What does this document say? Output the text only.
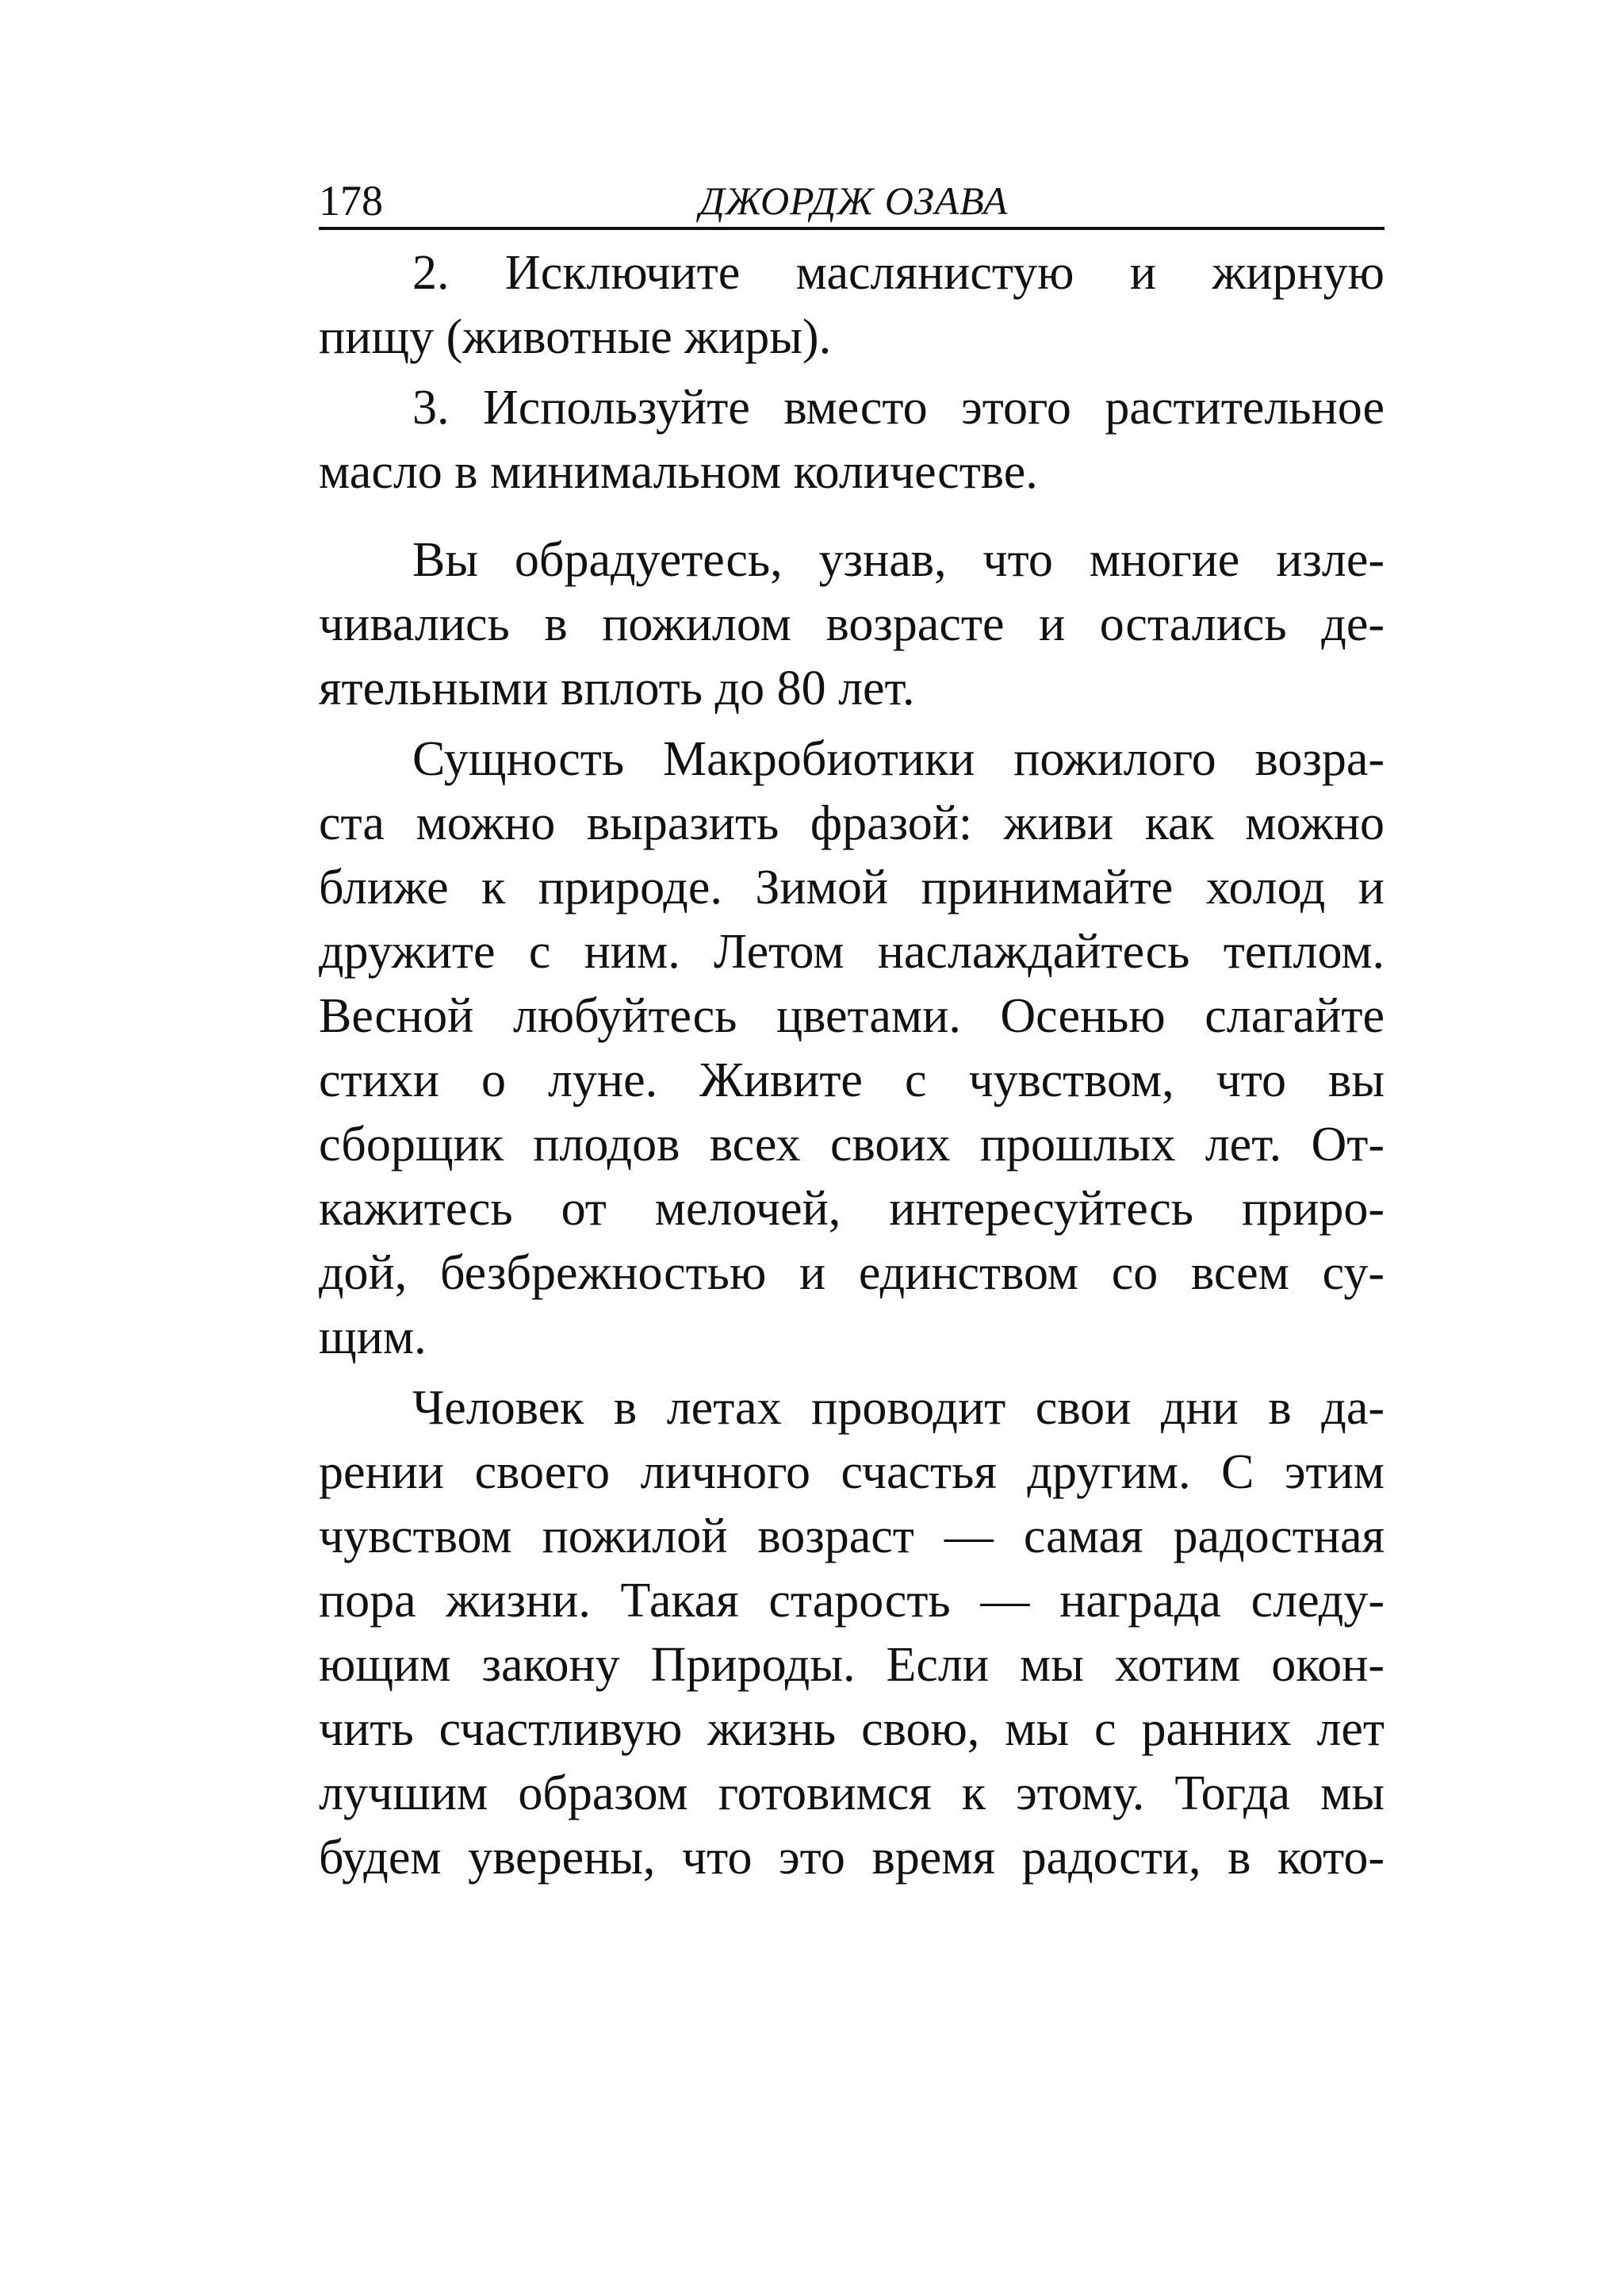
178	ДЖОРДЖ ОЗАВА

2. Исключите маслянистую и жирную
пищу (животные жиры).

3. Используйте вместо этого растительное
масло в минимальном количестве.

Вы обрадуетесь, узнав, что многие изле-
чивались в пожилом возрасте и остались де-
ятельными вплоть до 80 лет.

Сущность Макробиотики пожилого возра-
ста можно выразить фразой: живи как можно
ближе к природе. Зимой принимайте холод и
дружите с ним. Летом наслаждайтесь теплом.
Весной любуйтесь цветами. Осенью слагайте
стихи о луне. Живите с чувством, что вы
сборщик плодов всех своих прошлых лет. От-
кажитесь от мелочей, интересуйтесь приро-
дой, безбрежностью и единством со всем су-
щим.

Человек в летах проводит свои дни в да-
рении своего личного счастья другим. С этим
чувством пожилой возраст — самая радостная
пора жизни. Такая старость — награда следу-
ющим закону Природы. Если мы хотим окон-
чить счастливую жизнь свою, мы с ранних лет
лучшим образом готовимся к этому. Тогда мы
будем уверены, что это время радости, в кото-
